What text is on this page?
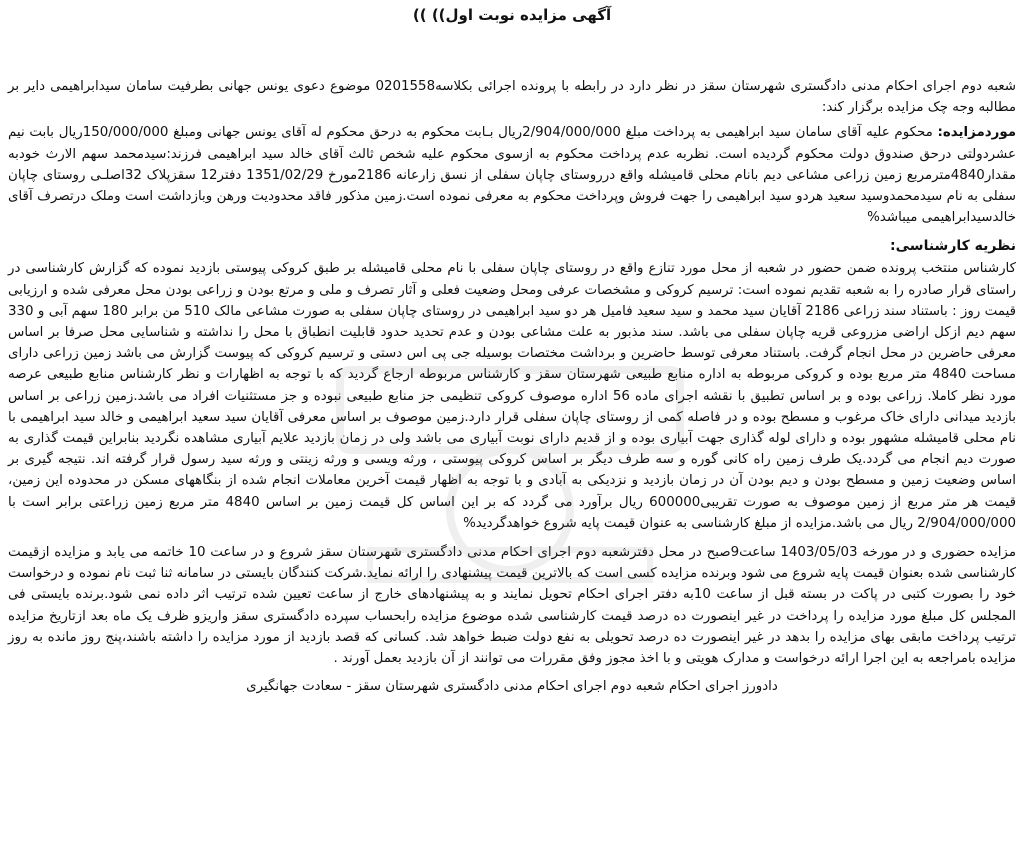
آگهی مزایده نوبت اول)) ))

شعبه دوم اجرای احکام مدنی دادگستری شهرستان سقز در نظر دارد در رابطه با پرونده اجرائی بکلاسه0201558 موضوع دعوی یونس جهانی بطرفیت سامان سیدابراهیمی دایر بر مطالبه وجه چک مزایده برگزار کند:

موردمزایده: محکوم علیه آقای سامان سید ابراهیمی به پرداخت مبلغ 2/904/000/000ریال بـابت محکوم به درحق محکوم له آقای یونس جهانی ومبلغ 150/000/000ریال بابت نیم عشردولتی درحق صندوق دولت محکوم گردیده است. نظربه عدم پرداخت محکوم به ازسوی محکوم علیه شخص ثالث آقای خالد سید ابراهیمی فرزند:سیدمحمد سهم الارث خودبه مقدار4840مترمربع زمین زراعی مشاعی دیم بانام محلی قامیشله واقع درروستای چاپان سفلی از نسق زارعانه 2186مورخ 1351/02/29 دفتر12 سقزپلاک 32اصلـی روستای چاپان سفلی به نام سیدمحمدوسید سعید هردو سید ابراهیمی را جهت فروش وپرداخت محکوم به معرفی نموده است.زمین مذکور فاقد محدودیت ورهن وبازداشت است وملک درتصرف آقای خالدسیدابراهیمی میباشد%

نظریه کارشناسی:

کارشناس منتخب پرونده ضمن حضور در شعبه از محل مورد تنازع واقع در روستای چاپان سفلی با نام محلی قامیشله بر طبق کروکی پیوستی بازدید نموده که گزارش کارشناسی در راستای قرار صادره را به شعبه تقدیم نموده است: ترسیم کروکی و مشخصات عرفی ومحل وضعیت فعلی و آثار تصرف و ملی و مرتع بودن و زراعی بودن محل معرفی شده و ارزیابی قیمت روز : باستناد سند زراعی 2186 آقایان سید محمد و سید سعید فامیل هر دو سید ابراهیمی در روستای چاپان سفلی به صورت مشاعی مالک 510 من برابر 180 سهم آبی و 330 سهم دیم ازکل اراضی مزروعی قریه چاپان سفلی می باشد. سند مذبور به علت مشاعی بودن و عدم تحدید حدود قابلیت انطباق با محل را نداشته و شناسایی محل صرفا بر اساس معرفی حاضرین در محل انجام گرفت. باستناد معرفی توسط حاضرین و برداشت مختصات بوسیله جی پی اس دستی و ترسیم کروکی که پیوست گزارش می باشد زمین زراعی دارای مساحت 4840 متر مربع بوده و کروکی مربوطه به اداره منابع طبیعی شهرستان سقز و کارشناس مربوطه ارجاع گردید که با توجه به اظهارات و نظر کارشناس منابع طبیعی عرصه مورد نظر کاملا. زراعی بوده و بر اساس تطبیق با نقشه اجرای ماده 56 اداره موصوف کروکی تنظیمی جز منابع طبیعی نبوده و جز مستثنیات افراد می باشد.زمین زراعی بر اساس بازدید میدانی دارای خاک مرغوب و مسطح بوده و در فاصله کمی از روستای چاپان سفلی قرار دارد.زمین موصوف بر اساس معرفی آقایان سید سعید ابراهیمی و خالد سید ابراهیمی با نام محلی قامیشله مشهور بوده و دارای لوله گذاری جهت آبیاری بوده و از قدیم دارای نوبت آبیاری می باشد ولی در زمان بازدید علایم آبیاری مشاهده نگردید بنابراین قیمت گذاری به صورت دیم انجام می گردد.یک طرف زمین راه کانی گوره و سه طرف دیگر بر اساس کروکی پیوستی ، ورثه ویسی و ورثه زینتی و ورثه سید رسول قرار گرفته اند. نتیجه گیری بر اساس وضعیت زمین و مسطح بودن و دیم بودن آن در زمان بازدید و نزدیکی به آبادی و با توجه به اظهار قیمت آخرین معاملات انجام شده از بنگاههای مسکن در محدوده این زمین، قیمت هر متر مربع از زمین موصوف به صورت تقریبی600000 ریال برآورد می گردد که بر این اساس کل قیمت زمین بر اساس 4840 متر مربع زمین زراعتی برابر است با 2/904/000/000 ریال می باشد.مزایده از مبلغ کارشناسی به عنوان قیمت پایه شروع خواهدگردید%

مزایده حضوری و در مورخه 1403/05/03 ساعت9صبح در محل دفترشعبه دوم اجرای احکام مدنی دادگستری شهرستان سقز شروع و در ساعت 10 خاتمه می یابد و مزایده ازقیمت کارشناسی شده بعنوان قیمت پایه شروع می شود وبرنده مزایده کسی است که بالاترین قیمت پیشنهادی را ارائه نماید.شرکت کنندگان بایستی در سامانه ثنا ثبت نام نموده و درخواست خود را بصورت کتبی در پاکت در بسته قبل از ساعت 10به دفتر اجرای احکام تحویل نمایند و به پیشنهادهای خارج از ساعت تعیین شده ترتیب اثر داده نمی شود.برنده بایستی فی المجلس کل مبلغ مورد مزایده را پرداخت در غیر اینصورت ده درصد قیمت کارشناسی شده موضوع مزایده رابحساب سپرده دادگستری سقز واریزو ظرف یک ماه بعد ازتاریخ مزایده ترتیب پرداخت مابقی بهای مزایده را بدهد در غیر اینصورت ده درصد تحویلی به نفع دولت ضبط خواهد شد. کسانی که قصد بازدید از مورد مزایده را داشته باشند،پنج روز مانده به روز مزایده بامراجعه به این اجرا ارائه درخواست و مدارک هویتی و با اخذ مجوز وفق مقررات می توانند از آن بازدید بعمل آورند .

دادورز اجرای احکام شعبه دوم اجرای احکام مدنی دادگستری شهرستان سقز - سعادت جهانگیری
